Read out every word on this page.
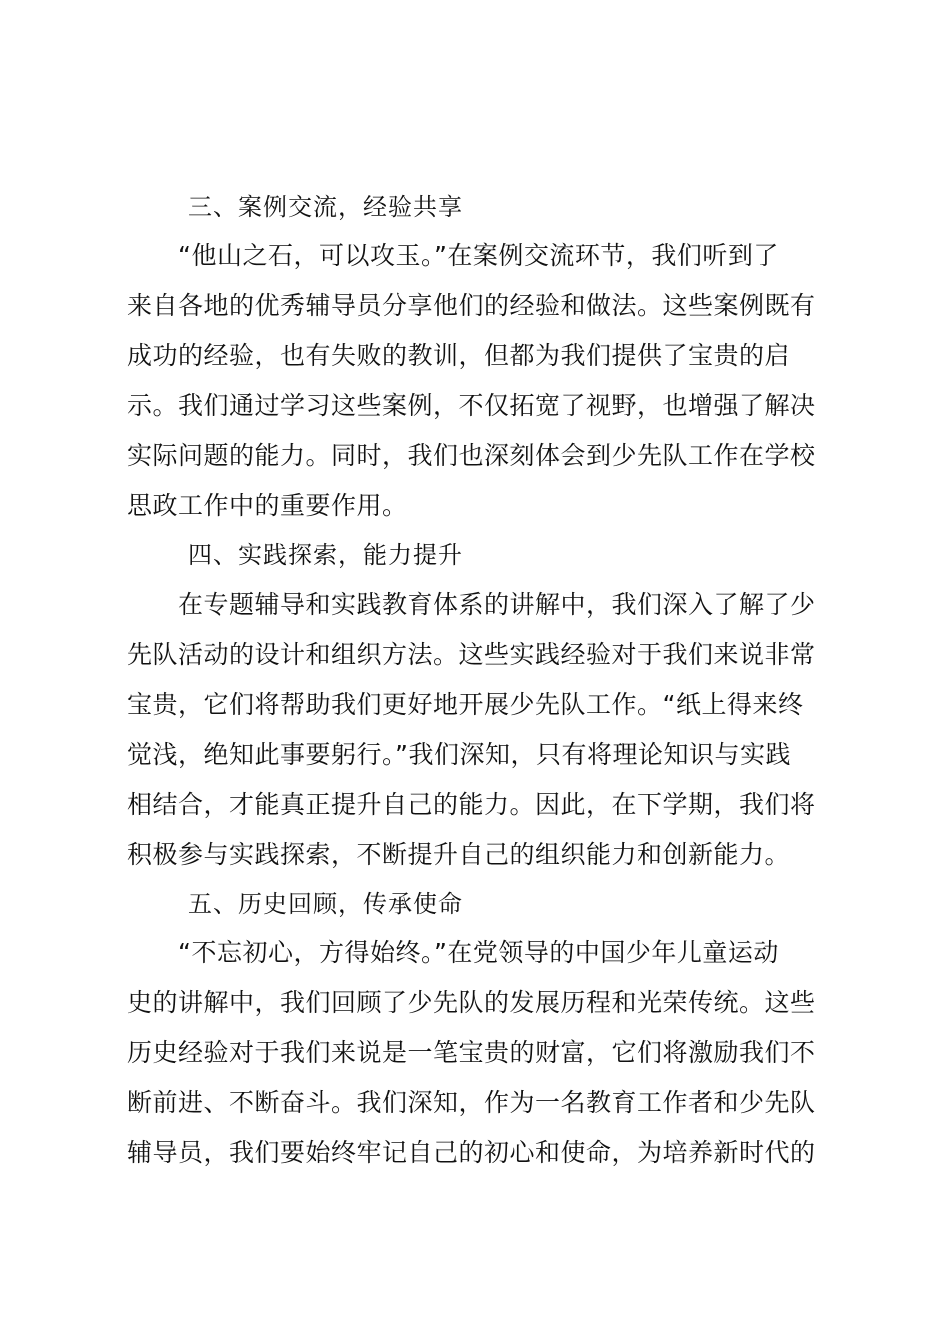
三、案例交流，经验共享
“他山之石，可以攻玉。”在案例交流环节，我们听到了
来自各地的优秀辅导员分享他们的经验和做法。这些案例既有
成功的经验，也有失败的教训，但都为我们提供了宝贵的启
示。我们通过学习这些案例，不仅拓宽了视野，也增强了解决
实际问题的能力。同时，我们也深刻体会到少先队工作在学校
思政工作中的重要作用。
四、实践探索，能力提升
在专题辅导和实践教育体系的讲解中，我们深入了解了少
先队活动的设计和组织方法。这些实践经验对于我们来说非常
宝贵，它们将帮助我们更好地开展少先队工作。“纸上得来终
觉浅，绝知此事要躬行。”我们深知，只有将理论知识与实践
相结合，才能真正提升自己的能力。因此，在下学期，我们将
积极参与实践探索，不断提升自己的组织能力和创新能力。
五、历史回顾，传承使命
“不忘初心，方得始终。”在党领导的中国少年儿童运动
史的讲解中，我们回顾了少先队的发展历程和光荣传统。这些
历史经验对于我们来说是一笔宝贵的财富，它们将激励我们不
断前进、不断奋斗。我们深知，作为一名教育工作者和少先队
辅导员，我们要始终牢记自己的初心和使命，为培养新时代的
